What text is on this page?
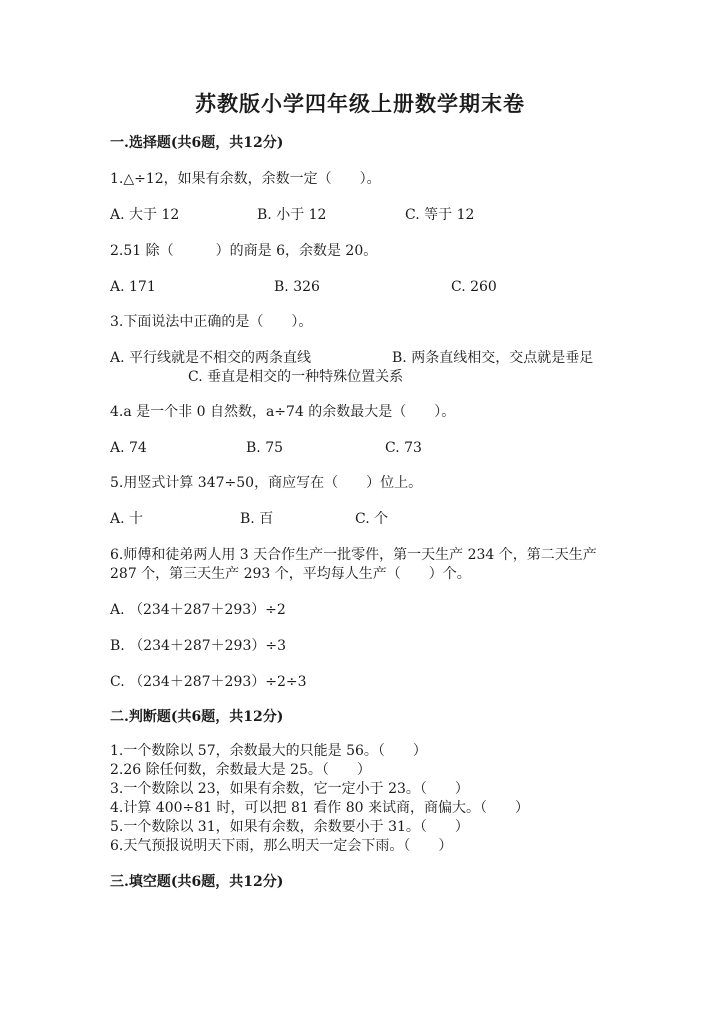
苏教版小学四年级上册数学期末卷
一.选择题(共6题，共12分)
1.△÷12，如果有余数，余数一定（　　）。
A. 大于 12	B. 小于 12	C. 等于 12
2.51 除（　　　）的商是 6，余数是 20。
A. 171	B. 326	C. 260
3.下面说法中正确的是（　　）。
A. 平行线就是不相交的两条直线	B. 两条直线相交，交点就是垂足
C. 垂直是相交的一种特殊位置关系
4.a 是一个非 0 自然数，a÷74 的余数最大是（　　）。
A. 74	B. 75	C. 73
5.用竖式计算 347÷50，商应写在（　　）位上。
A. 十	B. 百	C. 个
6.师傅和徒弟两人用 3 天合作生产一批零件，第一天生产 234 个，第二天生产
287 个，第三天生产 293 个，平均每人生产（　　）个。
A. （234＋287＋293）÷2
B. （234＋287＋293）÷3
C. （234＋287＋293）÷2÷3
二.判断题(共6题，共12分)
1.一个数除以 57，余数最大的只能是 56。（　　）
2.26 除任何数，余数最大是 25。（　　）
3.一个数除以 23，如果有余数，它一定小于 23。（　　）
4.计算 400÷81 时，可以把 81 看作 80 来试商，商偏大。（　　）
5.一个数除以 31，如果有余数，余数要小于 31。（　　）
6.天气预报说明天下雨，那么明天一定会下雨。（　　）
三.填空题(共6题，共12分)
